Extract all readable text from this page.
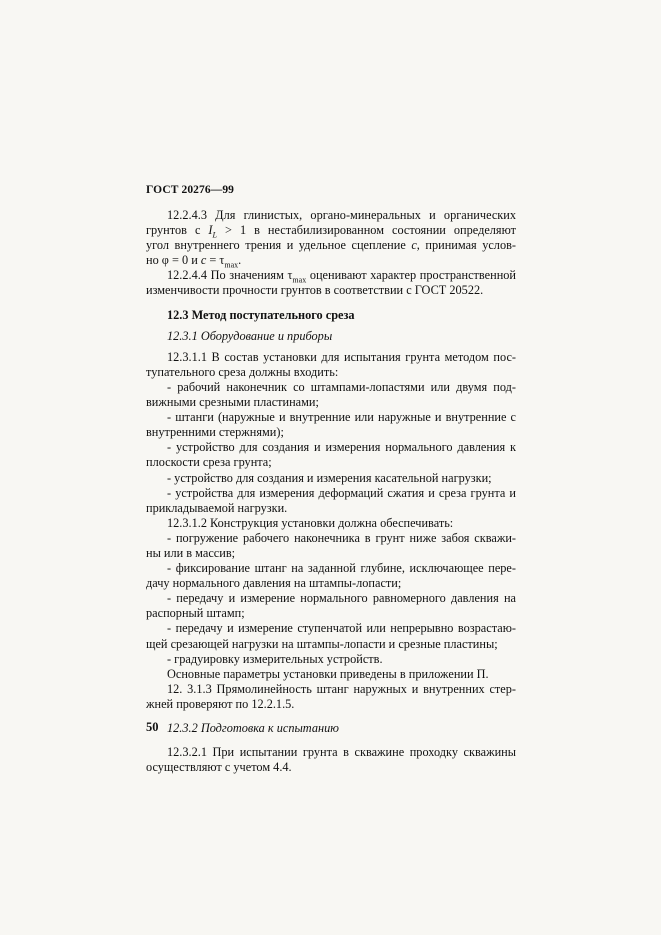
ГОСТ 20276—99

12.2.4.3 Для глинистых, органо-минеральных и органических

грунтов с $I_L > 1$ в нестабилизированном состоянии определяют

угол внутреннего трения и удельное сцепление с, принимая услов-

но φ = 0 и $с = \tau_{max}$.

12.2.4.4 По значениям $\tau_{max}$ оценивают характер пространственной

изменчивости прочности грунтов в соответствии с ГОСТ 20522.

12.3 Метод поступательного среза

12.3.1 Оборудование и приборы

12.3.1.1 В состав установки для испытания грунта методом пос-

тупательного среза должны входить:

- рабочий наконечник со штампами-лопастями или двумя под-

вижными срезными пластинами;

- штанги (наружные и внутренние или наружные и внутренние с

внутренними стержнями);

- устройство для создания и измерения нормального давления к

плоскости среза грунта;

- устройство для создания и измерения касательной нагрузки;

- устройства для измерения деформаций сжатия и среза грунта и

прикладываемой нагрузки.

12.3.1.2 Конструкция установки должна обеспечивать:

- погружение рабочего наконечника в грунт ниже забоя скважи-

ны или в массив;

- фиксирование штанг на заданной глубине, исключающее пере-

дачу нормального давления на штампы-лопасти;

- передачу и измерение нормального равномерного давления на

распорный штамп;

- передачу и измерение ступенчатой или непрерывно возрастаю-

щей срезающей нагрузки на штампы-лопасти и срезные пластины;

- градуировку измерительных устройств.

Основные параметры установки приведены в приложении П.

12. 3.1.3 Прямолинейность штанг наружных и внутренних стер-

жней проверяют по 12.2.1.5.

12.3.2 Подготовка к испытанию

12.3.2.1 При испытании грунта в скважине проходку скважины

осуществляют с учетом 4.4.

50
